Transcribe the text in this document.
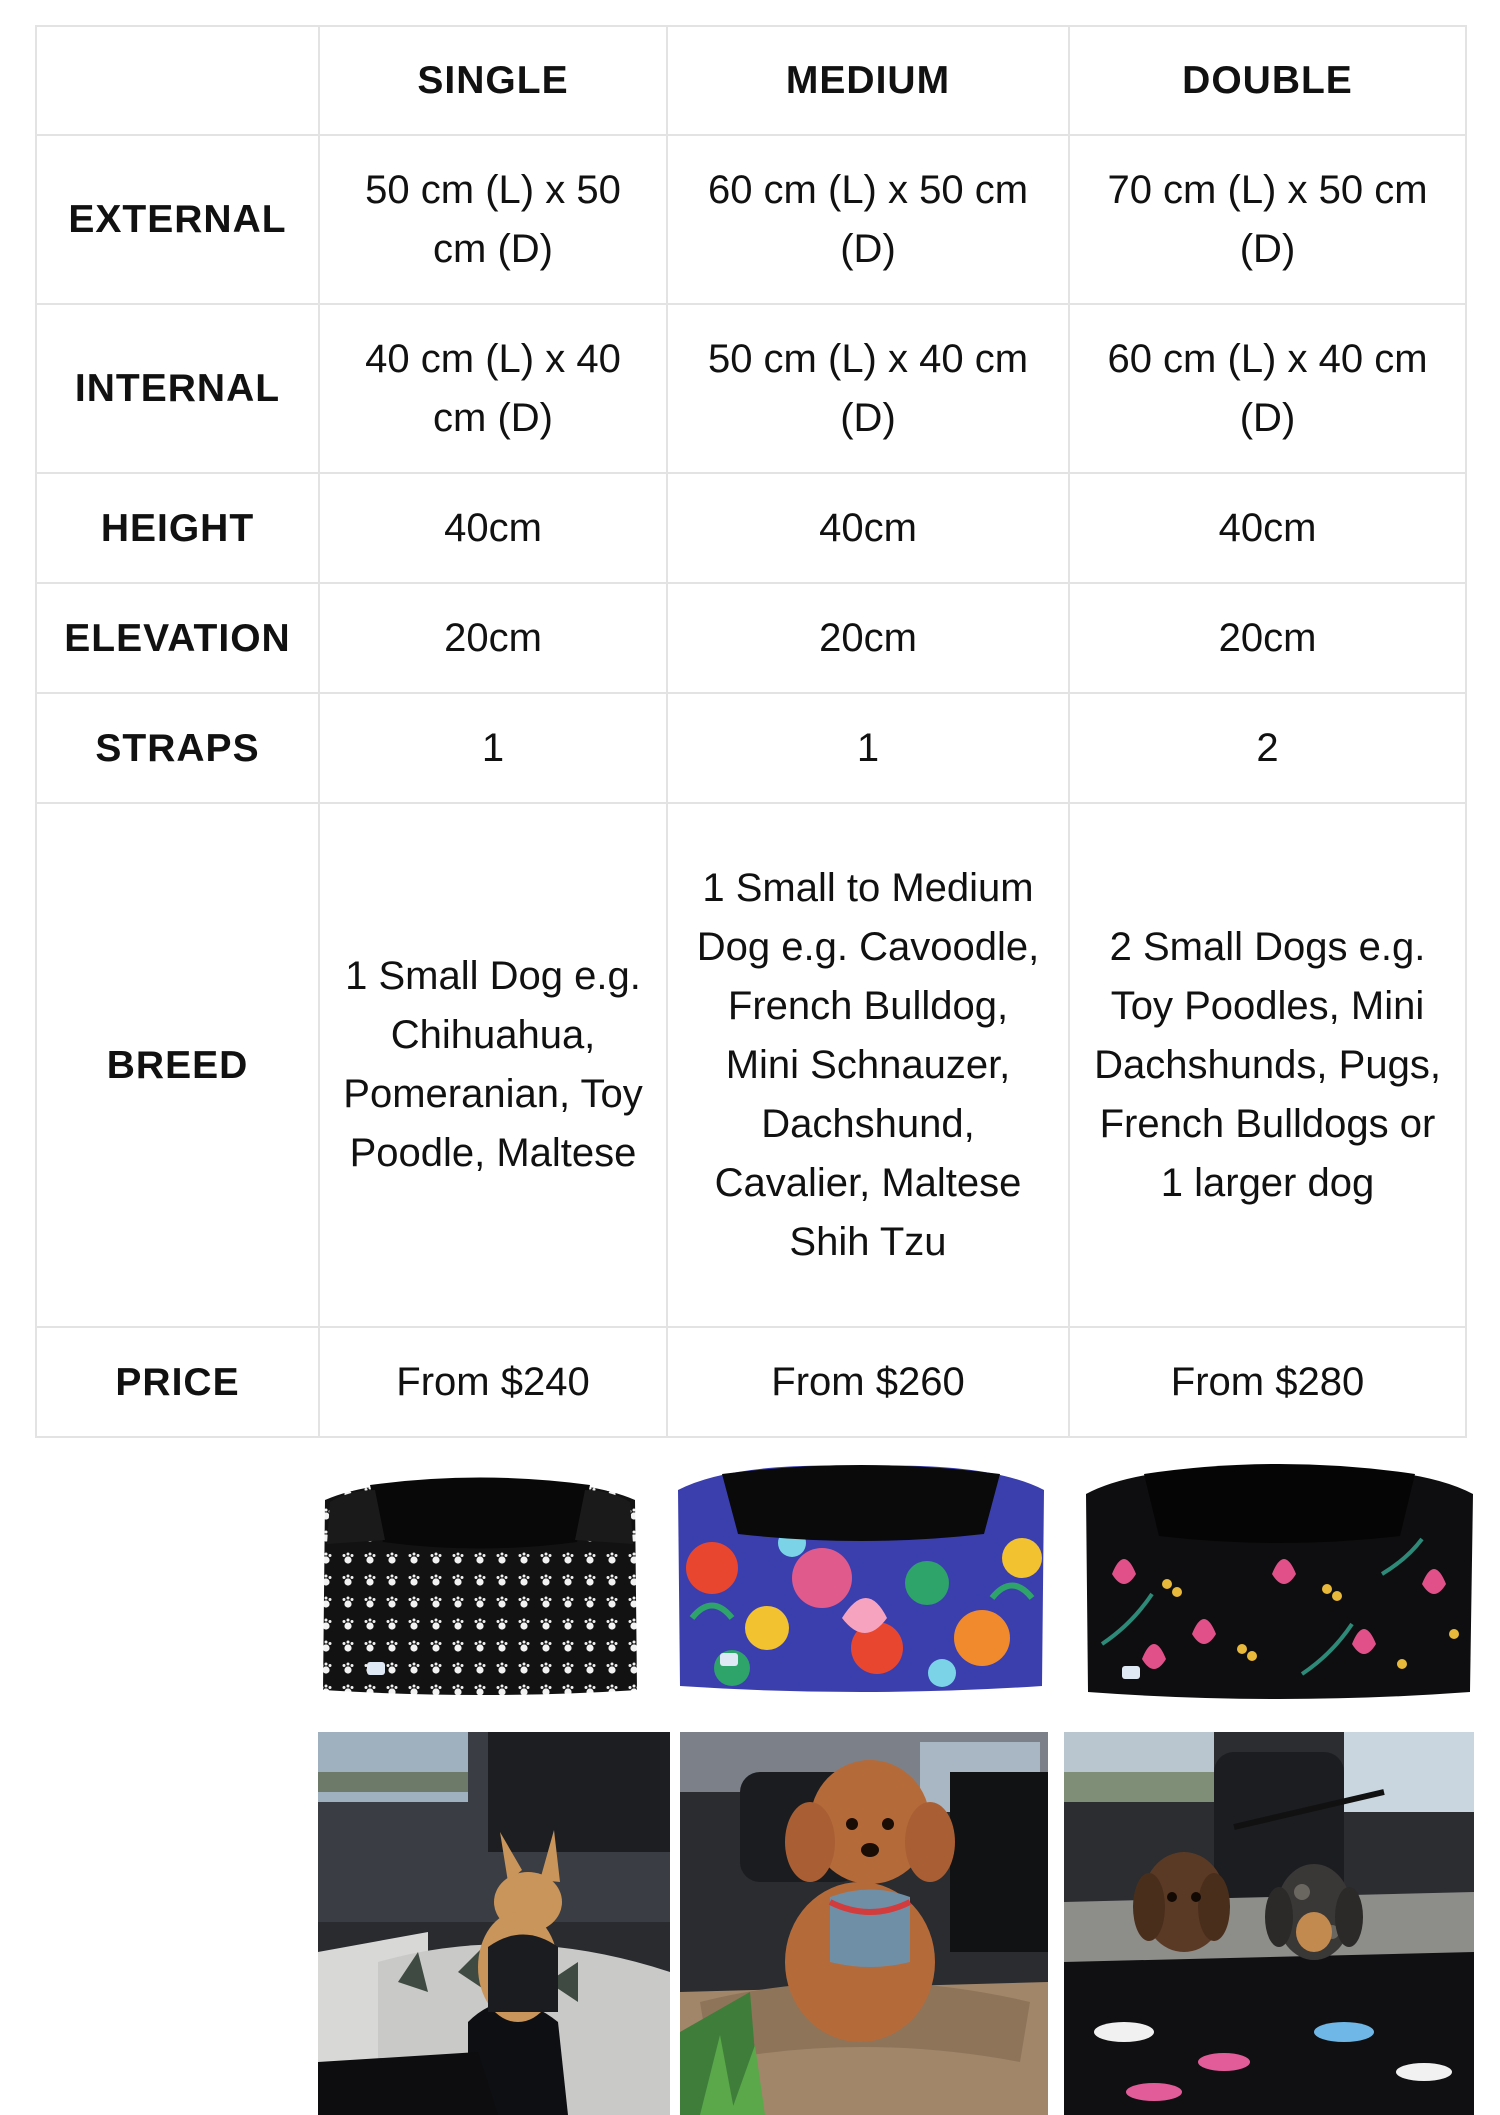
	SINGLE	MEDIUM	DOUBLE
EXTERNAL	50 cm (L) x 50 cm (D)	60 cm (L) x 50 cm (D)	70 cm (L) x 50 cm (D)
INTERNAL	40 cm (L) x 40 cm (D)	50 cm (L) x 40 cm (D)	60 cm (L) x 40 cm (D)
HEIGHT	40cm	40cm	40cm
ELEVATION	20cm	20cm	20cm
STRAPS	1	1	2
BREED	1 Small Dog e.g. Chihuahua, Pomeranian, Toy Poodle, Maltese	1 Small to Medium Dog e.g. Cavoodle, French Bulldog, Mini Schnauzer, Dachshund, Cavalier, Maltese Shih Tzu	2 Small Dogs e.g. Toy Poodles, Mini Dachshunds, Pugs, French Bulldogs or 1 larger dog
PRICE	From $240	From $260	From $280
